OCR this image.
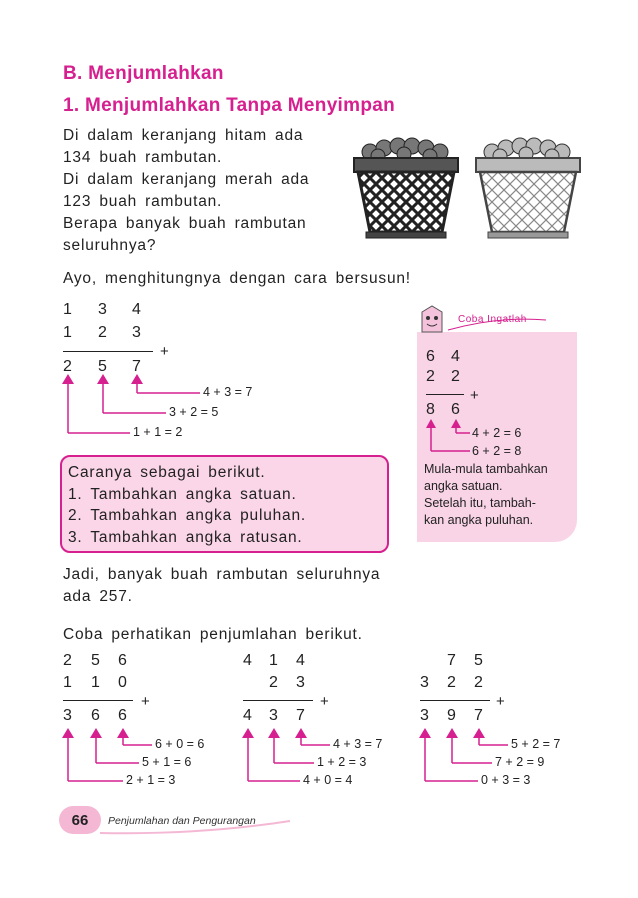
B. Menjumlahkan
1. Menjumlahkan Tanpa Menyimpan
Di dalam keranjang hitam ada
134 buah rambutan.
Di dalam keranjang merah ada
123 buah rambutan.
Berapa banyak buah rambutan
seluruhnya?
Ayo, menghitungnya dengan cara bersusun!
1 3 4
1 2 3
+
2 5 7
4 + 3 = 7
3 + 2 = 5
1 + 1 = 2
Caranya sebagai berikut.
1. Tambahkan angka satuan.
2. Tambahkan angka puluhan.
3. Tambahkan angka ratusan.
Coba Ingatlah
6 4
2 2
+
8 6
4 + 2 = 6
6 + 2 = 8
Mula-mula tambahkan
angka satuan.
Setelah itu, tambah-
kan angka puluhan.
Jadi, banyak buah rambutan seluruhnya
ada 257.
Coba perhatikan penjumlahan berikut.
2 5 6
1 1 0
+
3 6 6
6 + 0 = 6
5 + 1 = 6
2 + 1 = 3
4 1 4
2 3
+
4 3 7
4 + 3 = 7
1 + 2 = 3
4 + 0 = 4
7 5
3 2 2
+
3 9 7
5 + 2 = 7
7 + 2 = 9
0 + 3 = 3
66	Penjumlahan dan Pengurangan
